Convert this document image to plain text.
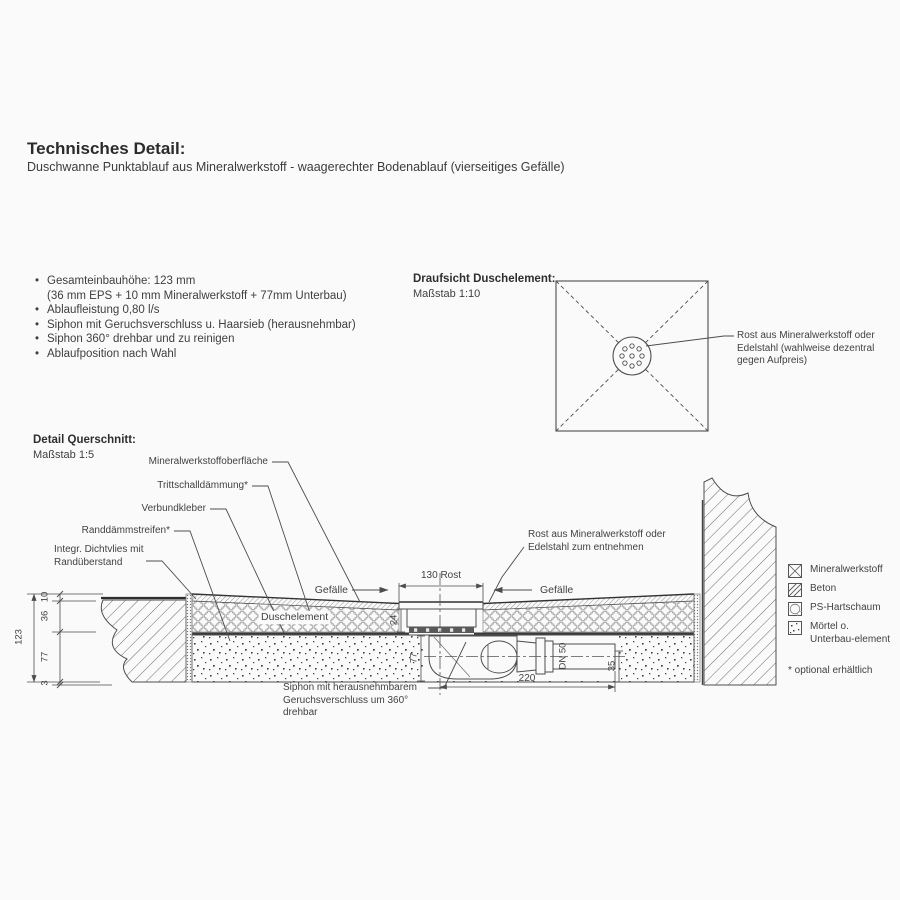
Technisches Detail:
Duschwanne Punktablauf aus Mineralwerkstoff - waagerechter Bodenablauf (vierseitiges Gefälle)
• Gesamteinbauhöhe: 123 mm
(36 mm EPS + 10 mm Mineralwerkstoff + 77mm Unterbau)
• Ablaufleistung 0,80 l/s
• Siphon mit Geruchsverschluss u. Haarsieb (herausnehmbar)
• Siphon 360° drehbar und zu reinigen
• Ablaufposition nach Wahl
Draufsicht Duschelement:
Maßstab 1:10
Detail Querschnitt:
Maßstab 1:5
Rost aus Mineralwerkstoff oder Edelstahl (wahlweise dezentral gegen Aufpreis)
Mineralwerkstoffoberfläche
Trittschalldämmung*
Verbundkleber
Randdämmstreifen*
Integr. Dichtvlies mit Randüberstand
Rost aus Mineralwerkstoff oder Edelstahl zum entnehmen
Siphon mit herausnehmbarem Geruchsverschluss um 360° drehbar
Duschelement
Gefälle	Gefälle
130 Rost
220
123
10
36
77
3
24
77
35
DN 50
Mineralwerkstoff
Beton
PS-Hartschaum
Mörtel o. Unterbau-element
* optional erhältlich
